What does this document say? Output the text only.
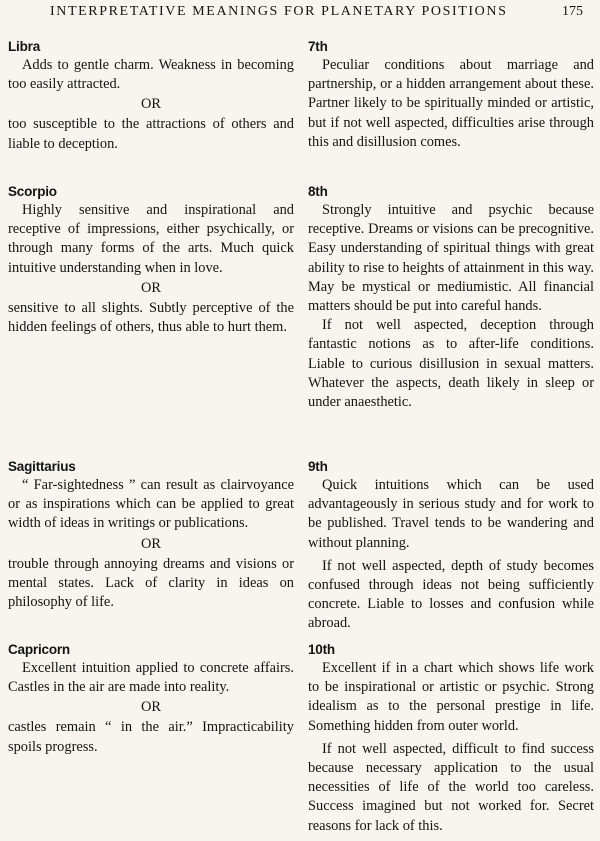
INTERPRETATIVE MEANINGS FOR PLANETARY POSITIONS	175

Libra

Adds to gentle charm. Weakness in becoming too easily attracted.

OR

too susceptible to the attractions of others and liable to deception.

Scorpio

Highly sensitive and inspirational and receptive of impressions, either psychically, or through many forms of the arts. Much quick intuitive understanding when in love.

OR

sensitive to all slights. Subtly perceptive of the hidden feelings of others, thus able to hurt them.

Sagittarius

“ Far-sightedness ” can result as clairvoyance or as inspirations which can be applied to great width of ideas in writings or publications.

OR

trouble through annoying dreams and visions or mental states. Lack of clarity in ideas on philosophy of life.

Capricorn

Excellent intuition applied to concrete affairs. Castles in the air are made into reality.

OR

castles remain “ in the air.” Impracticability spoils progress.

7th

Peculiar conditions about marriage and partnership, or a hidden arrangement about these. Partner likely to be spiritually minded or artistic, but if not well aspected, difficulties arise through this and disillusion comes.

8th

Strongly intuitive and psychic because receptive. Dreams or visions can be precognitive. Easy understanding of spiritual things with great ability to rise to heights of attainment in this way. May be mystical or mediumistic. All financial matters should be put into careful hands.

If not well aspected, deception through fantastic notions as to after-life conditions. Liable to curious disillusion in sexual matters. Whatever the aspects, death likely in sleep or under anaesthetic.

9th

Quick intuitions which can be used advantageously in serious study and for work to be published. Travel tends to be wandering and without planning.

If not well aspected, depth of study becomes confused through ideas not being sufficiently concrete. Liable to losses and confusion while abroad.

10th

Excellent if in a chart which shows life work to be inspirational or artistic or psychic. Strong idealism as to the personal prestige in life. Something hidden from outer world.

If not well aspected, difficult to find success because necessary application to the usual necessities of life of the world too careless. Success imagined but not worked for. Secret reasons for lack of this.
